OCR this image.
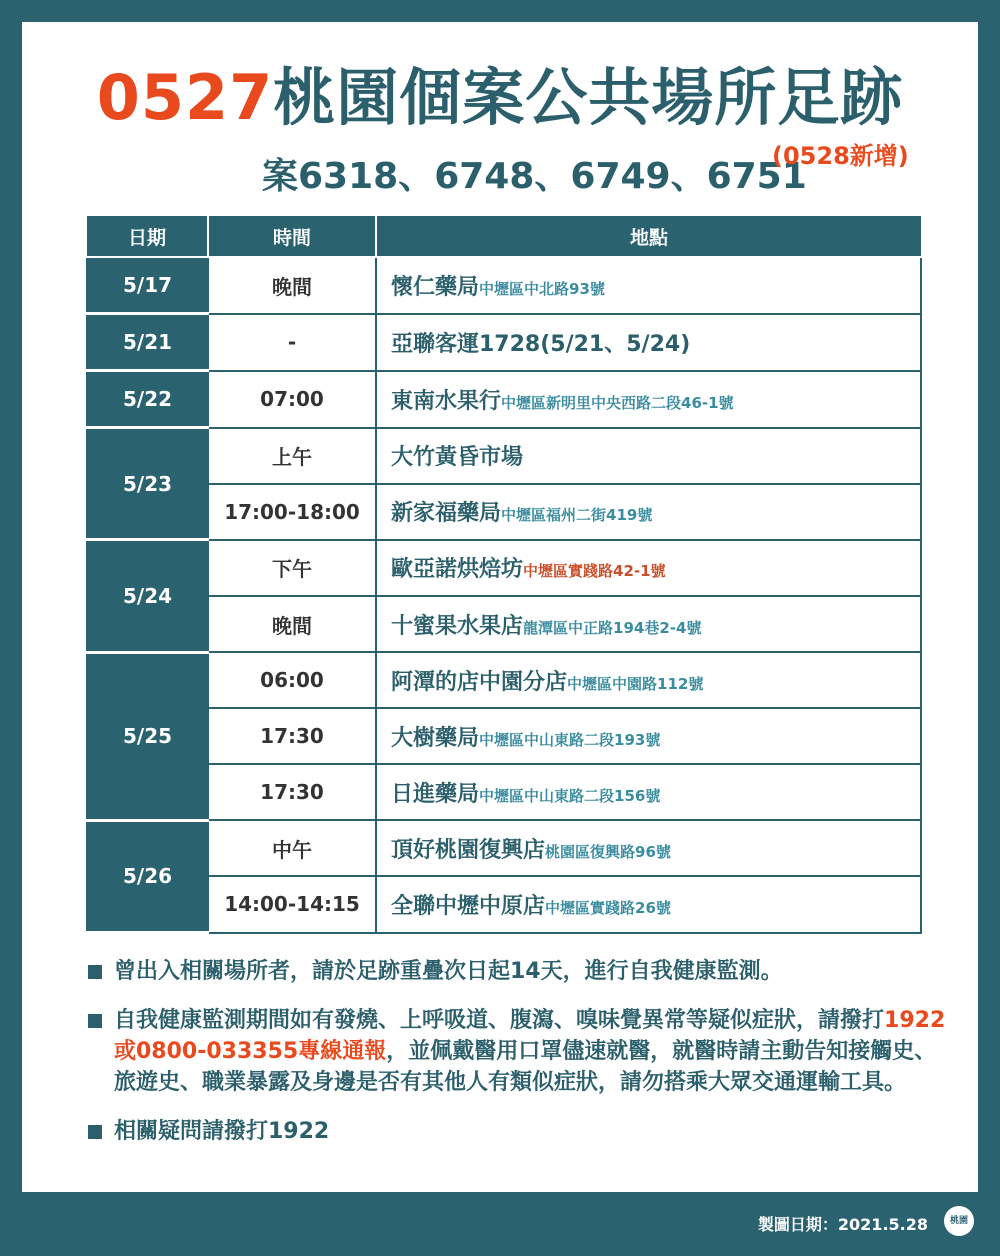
0527桃園個案公共場所足跡
案6318、6748、6749、6751
(0528新增)
日期	時間	地點
5/17	晚間	懷仁藥局中壢區中北路93號
5/21	-	亞聯客運1728(5/21、5/24)
5/22	07:00	東南水果行中壢區新明里中央西路二段46-1號
5/23	上午	大竹黃昏市場
	17:00-18:00	新家福藥局中壢區福州二街419號
5/24	下午	歐亞諾烘焙坊中壢區實踐路42-1號
	晚間	十蜜果水果店龍潭區中正路194巷2-4號
5/25	06:00	阿潭的店中園分店中壢區中園路112號
	17:30	大樹藥局中壢區中山東路二段193號
	17:30	日進藥局中壢區中山東路二段156號
5/26	中午	頂好桃園復興店桃園區復興路96號
	14:00-14:15	全聯中壢中原店中壢區實踐路26號
曾出入相關場所者，請於足跡重疊次日起14天，進行自我健康監測。
自我健康監測期間如有發燒、上呼吸道、腹瀉、嗅味覺異常等疑似症狀，請撥打1922或0800-033355專線通報，並佩戴醫用口罩儘速就醫，就醫時請主動告知接觸史、旅遊史、職業暴露及身邊是否有其他人有類似症狀，請勿搭乘大眾交通運輸工具。
相關疑問請撥打1922
製圖日期：2021.5.28	桃園
